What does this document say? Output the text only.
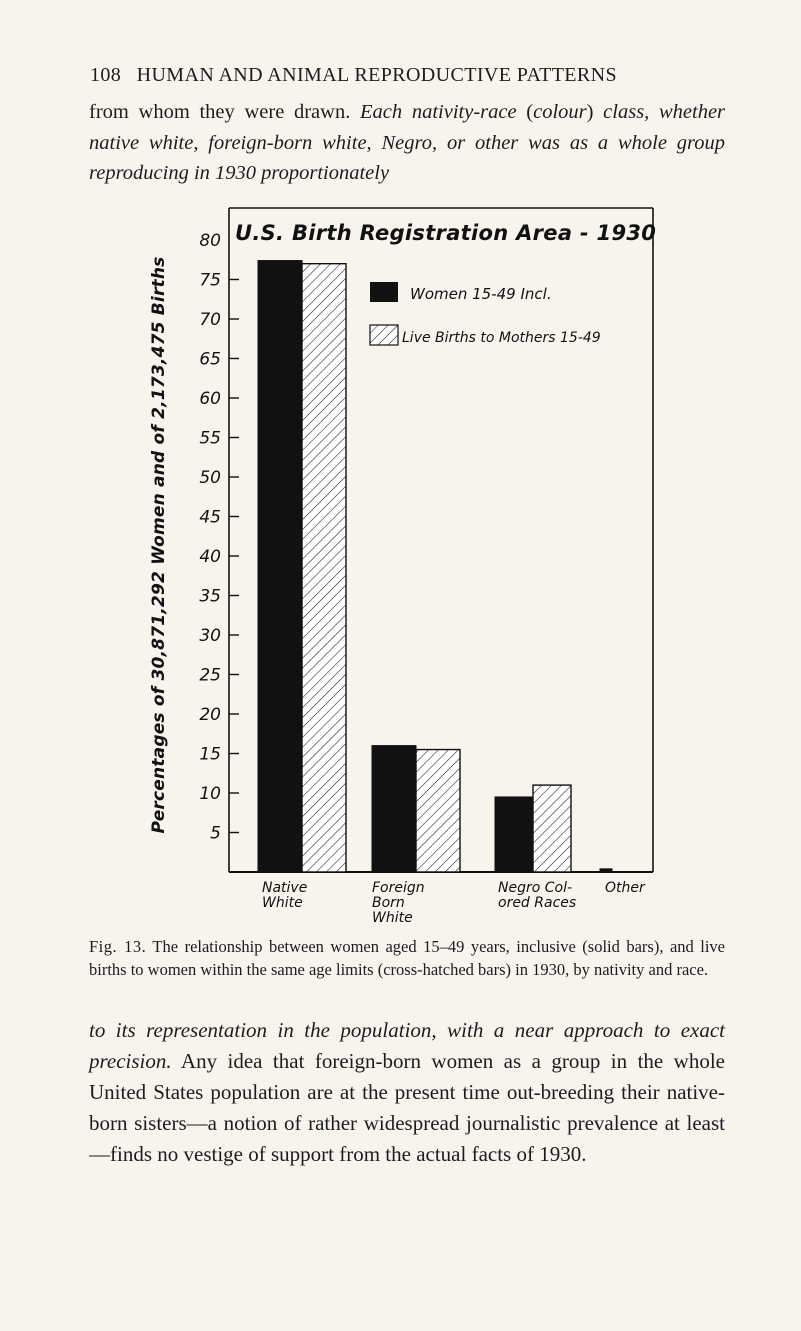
108 HUMAN AND ANIMAL REPRODUCTIVE PATTERNS

from whom they were drawn. Each nativity-race (colour) class, whether native white, foreign-born white, Negro, or other was as a whole group reproducing in 1930 proportionately

U.S. Birth Registration Area - 1930
5
10
15
20
25
30
35
40
45
50
55
60
65
70
75
80
Percentages of 30,871,292 Women and of 2,173,475 Births
Native
White
Foreign
Born
White
Negro Col-
ored Races
Other
Women 15-49 Incl.
Live Births to Mothers 15-49
Fig. 13. The relationship between women aged 15–49 years, inclusive (solid bars), and live births to women within the same age limits (cross-hatched bars) in 1930, by nativity and race.

to its representation in the population, with a near approach to exact precision. Any idea that foreign-born women as a group in the whole United States population are at the present time out-breeding their native-born sisters—a notion of rather widespread journalistic prevalence at least —finds no vestige of support from the actual facts of 1930.
